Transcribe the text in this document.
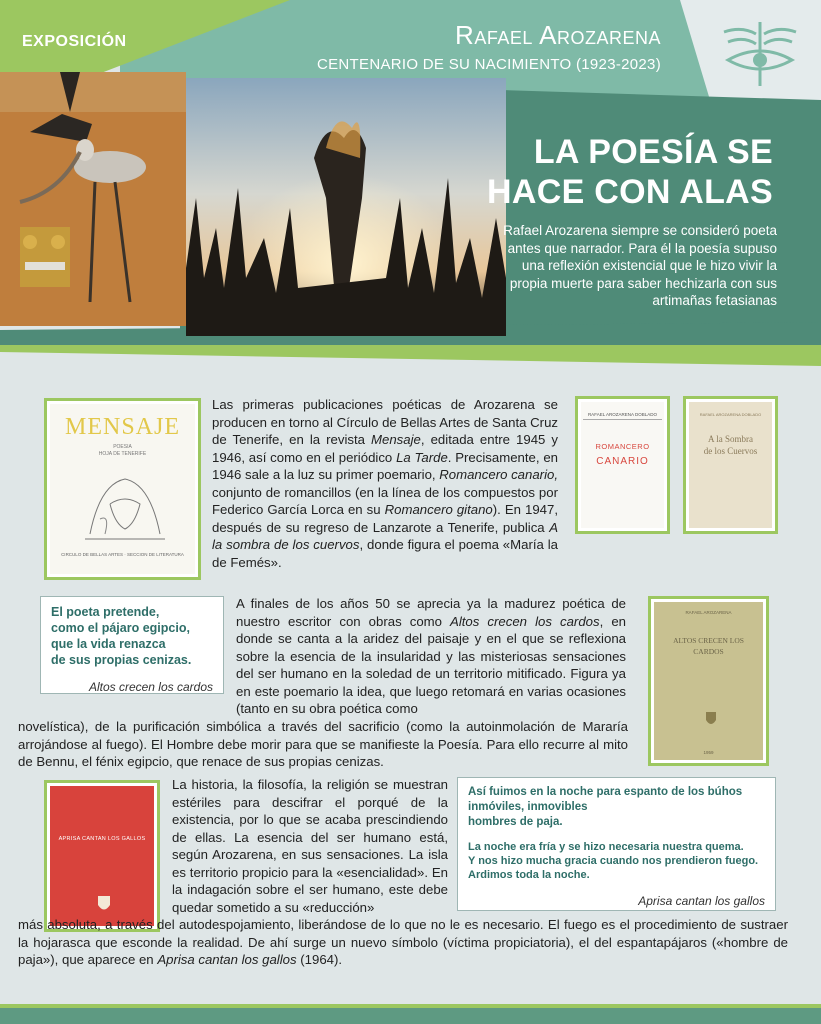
EXPOSICIÓN	Rafael Arozarena
CENTENARIO DE SU NACIMIENTO (1923-2023)
LA POESÍA SE
HACE CON ALAS
Rafael Arozarena siempre se consideró poeta antes que narrador. Para él la poesía supuso una reflexión existencial que le hizo vivir la propia muerte para saber hechizarla con sus artimañas fetasianas
MENSAJE
POESIA
HOJA DE TENERIFE
CIRCULO DE BELLAS ARTES · SECCION DE LITERATURA
Las primeras publicaciones poéticas de Arozarena se producen en torno al Círculo de Bellas Artes de Santa Cruz de Tenerife, en la revista Mensaje, editada entre 1945 y 1946, así como en el periódico La Tarde. Precisamente, en 1946 sale a la luz su primer poemario, Romancero canario, conjunto de romancillos (en la línea de los compuestos por Federico García Lorca en su Romancero gitano). En 1947, después de su regreso de Lanzarote a Tenerife, publica A la sombra de los cuervos, donde figura el poema «María la de Femés».
RAFAEL AROZARENA DOBLADO
ROMANCERO
CANARIO
RAFAEL AROZARENA DOBLADO
A la Sombra
de los Cuervos
El poeta pretende,
como el pájaro egipcio,
que la vida renazca
de sus propias cenizas.
Altos crecen los cardos
A finales de los años 50 se aprecia ya la madurez poética de nuestro escritor con obras como Altos crecen los cardos, en donde se canta a la aridez del paisaje y en el que se reflexiona sobre la esencia de la insularidad y las misteriosas sensaciones del ser humano en la soledad de un territorio mitificado. Figura ya en este poemario la idea, que luego retomará en varias ocasiones (tanto en su obra poética como
novelística), de la purificación simbólica a través del sacrificio (como la autoinmolación de Mararía arrojándose al fuego). El Hombre debe morir para que se manifieste la Poesía. Para ello recurre al mito de Bennu, el fénix egipcio, que renace de sus propias cenizas.
RAFAEL AROZARENA
ALTOS CRECEN LOS
CARDOS
1959
APRISA CANTAN LOS GALLOS
La historia, la filosofía, la religión se muestran estériles para descifrar el porqué de la existencia, por lo que se acaba prescindiendo de ellas. La esencia del ser humano está, según Arozarena, en sus sensaciones. La isla es territorio propicio para la «esencialidad». En la indagación sobre el ser humano, este debe quedar sometido a su «reducción»
Así fuimos en la noche para espanto de los búhos
inmóviles, inmovibles
hombres de paja.
La noche era fría y se hizo necesaria nuestra quema.
Y nos hizo mucha gracia cuando nos prendieron fuego.
Ardimos toda la noche.
Aprisa cantan los gallos
más absoluta, a través del autodespojamiento, liberándose de lo que no le es necesario. El fuego es el procedimiento de sustraer la hojarasca que esconde la realidad. De ahí surge un nuevo símbolo (víctima propiciatoria), el del espantapájaros («hombre de paja»), que aparece en Aprisa cantan los gallos (1964).
